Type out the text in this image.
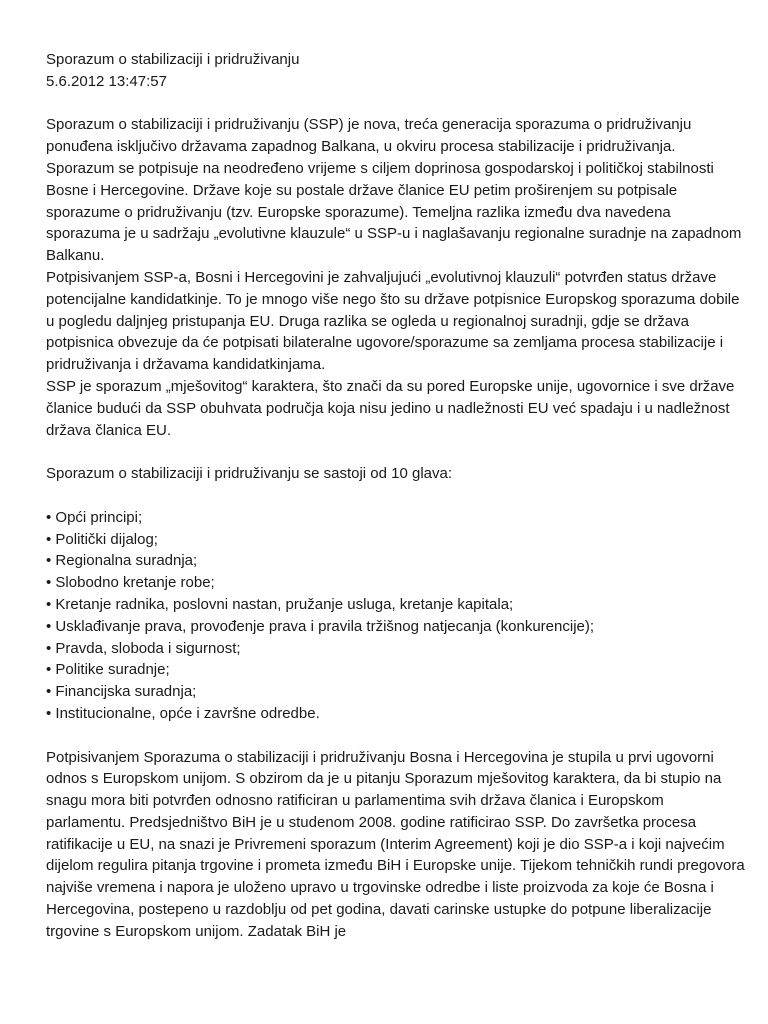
Sporazum o stabilizaciji i pridruživanju

5.6.2012 13:47:57

Sporazum o stabilizaciji i pridruživanju (SSP) je nova, treća generacija sporazuma o pridruživanju ponuđena isključivo državama zapadnog Balkana, u okviru procesa stabilizacije i pridruživanja. Sporazum se potpisuje na neodređeno vrijeme s ciljem doprinosa gospodarskoj i političkoj stabilnosti Bosne i Hercegovine. Države koje su postale države članice EU petim proširenjem su potpisale sporazume o pridruživanju (tzv. Europske sporazume). Temeljna razlika između dva navedena sporazuma je u sadržaju „evolutivne klauzule“ u SSP-u i naglašavanju regionalne suradnje na zapadnom Balkanu.

Potpisivanjem SSP-a, Bosni i Hercegovini je zahvaljujući „evolutivnoj klauzuli“ potvrđen status države potencijalne kandidatkinje. To je mnogo više nego što su države potpisnice Europskog sporazuma dobile u pogledu daljnjeg pristupanja EU. Druga razlika se ogleda u regionalnoj suradnji, gdje se država potpisnica obvezuje da će potpisati bilateralne ugovore/sporazume sa zemljama procesa stabilizacije i pridruživanja i državama kandidatkinjama.

SSP je sporazum „mješovitog“ karaktera, što znači da su pored Europske unije, ugovornice i sve države članice budući da SSP obuhvata područja koja nisu jedino u nadležnosti EU već spadaju i u nadležnost država članica EU.

Sporazum o stabilizaciji i pridruživanju se sastoji od 10 glava:

• Opći principi;
• Politički dijalog;
• Regionalna suradnja;
• Slobodno kretanje robe;
• Kretanje radnika, poslovni nastan, pružanje usluga, kretanje kapitala;
• Usklađivanje prava, provođenje prava i pravila tržišnog natjecanja (konkurencije);
• Pravda, sloboda i sigurnost;
• Politike suradnje;
• Financijska suradnja;
• Institucionalne, opće i završne odredbe.

Potpisivanjem Sporazuma o stabilizaciji i pridruživanju Bosna i Hercegovina je stupila u prvi ugovorni odnos s Europskom unijom. S obzirom da je u pitanju Sporazum mješovitog karaktera, da bi stupio na snagu mora biti potvrđen odnosno ratificiran u parlamentima svih država članica i Europskom parlamentu. Predsjedništvo BiH je u studenom 2008. godine ratificirao SSP. Do završetka procesa ratifikacije u EU, na snazi je Privremeni sporazum (Interim Agreement) koji je dio SSP-a i koji najvećim dijelom regulira pitanja trgovine i prometa između BiH i Europske unije. Tijekom tehničkih rundi pregovora najviše vremena i napora je uloženo upravo u trgovinske odredbe i liste proizvoda za koje će Bosna i Hercegovina, postepeno u razdoblju od pet godina, davati carinske ustupke do potpune liberalizacije trgovine s Europskom unijom. Zadatak BiH je
